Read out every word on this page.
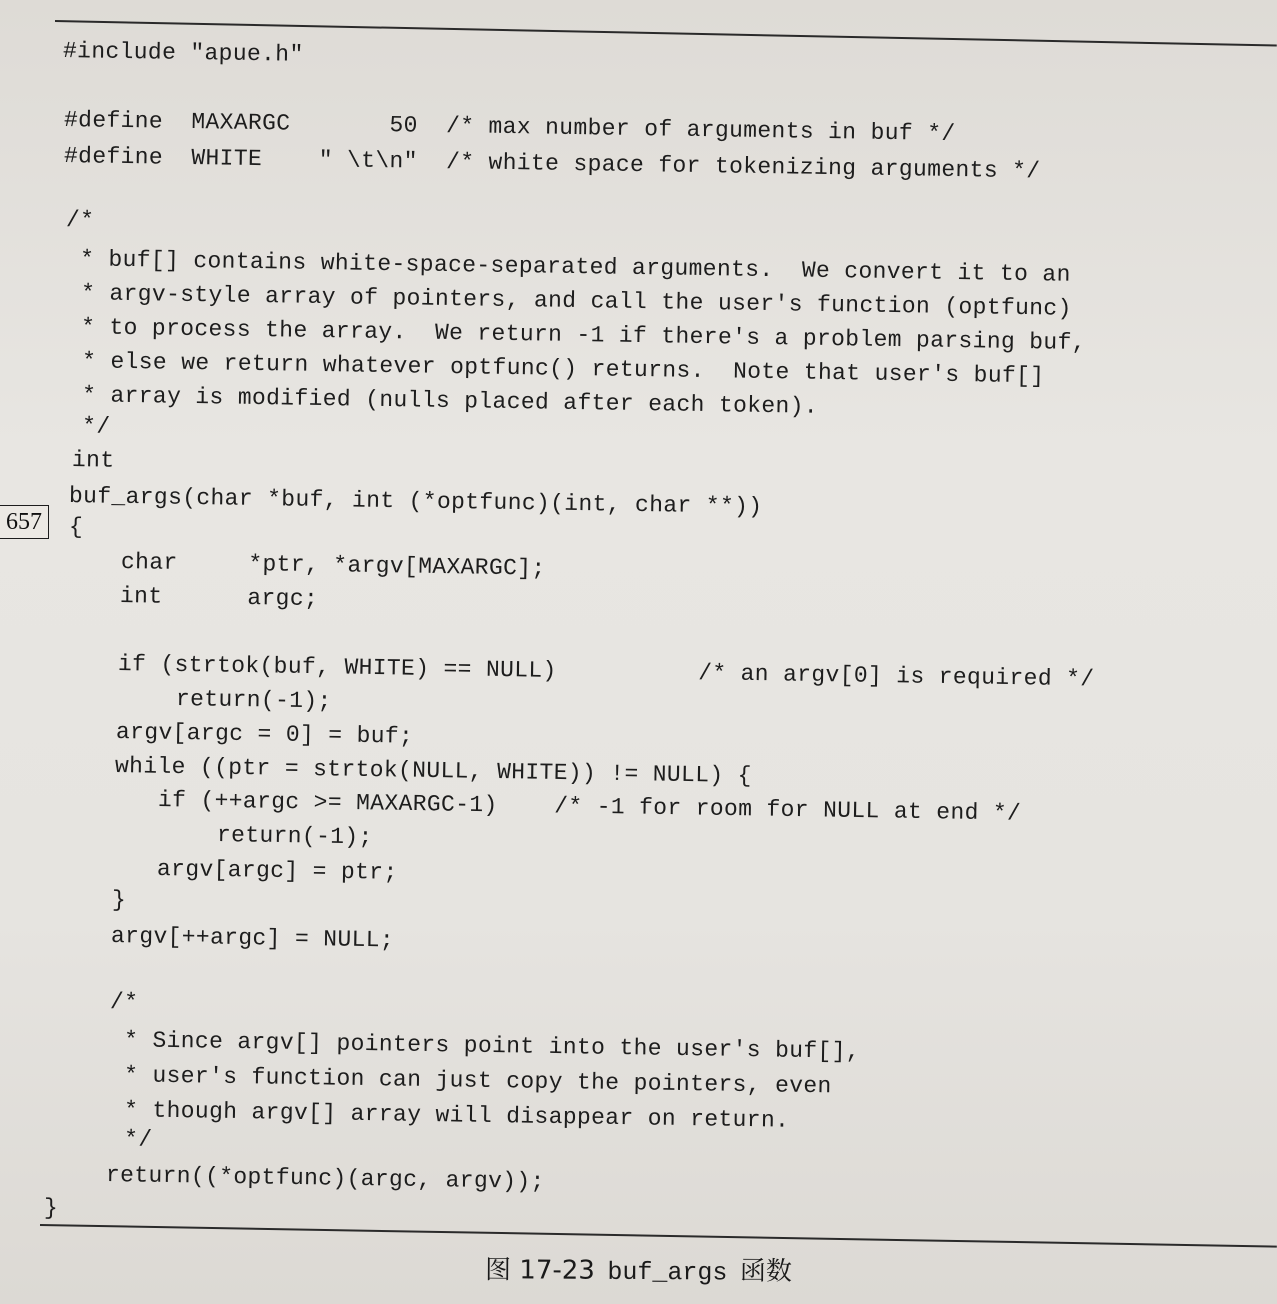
#include "apue.h"
#define  MAXARGC       50  /* max number of arguments in buf */
#define  WHITE    " \t\n"  /* white space for tokenizing arguments */
/*
* buf[] contains white-space-separated arguments.  We convert it to an
* argv-style array of pointers, and call the user's function (optfunc)
* to process the array.  We return -1 if there's a problem parsing buf,
* else we return whatever optfunc() returns.  Note that user's buf[]
* array is modified (nulls placed after each token).
*/
int
buf_args(char *buf, int (*optfunc)(int, char **))
{
char     *ptr, *argv[MAXARGC];
int      argc;
if (strtok(buf, WHITE) == NULL)          /* an argv[0] is required */
return(-1);
argv[argc = 0] = buf;
while ((ptr = strtok(NULL, WHITE)) != NULL) {
if (++argc >= MAXARGC-1)    /* -1 for room for NULL at end */
return(-1);
argv[argc] = ptr;
}
argv[++argc] = NULL;
/*
* Since argv[] pointers point into the user's buf[],
* user's function can just copy the pointers, even
* though argv[] array will disappear on return.
*/
return((*optfunc)(argc, argv));
}
657
图 17-23 buf_args 函数
